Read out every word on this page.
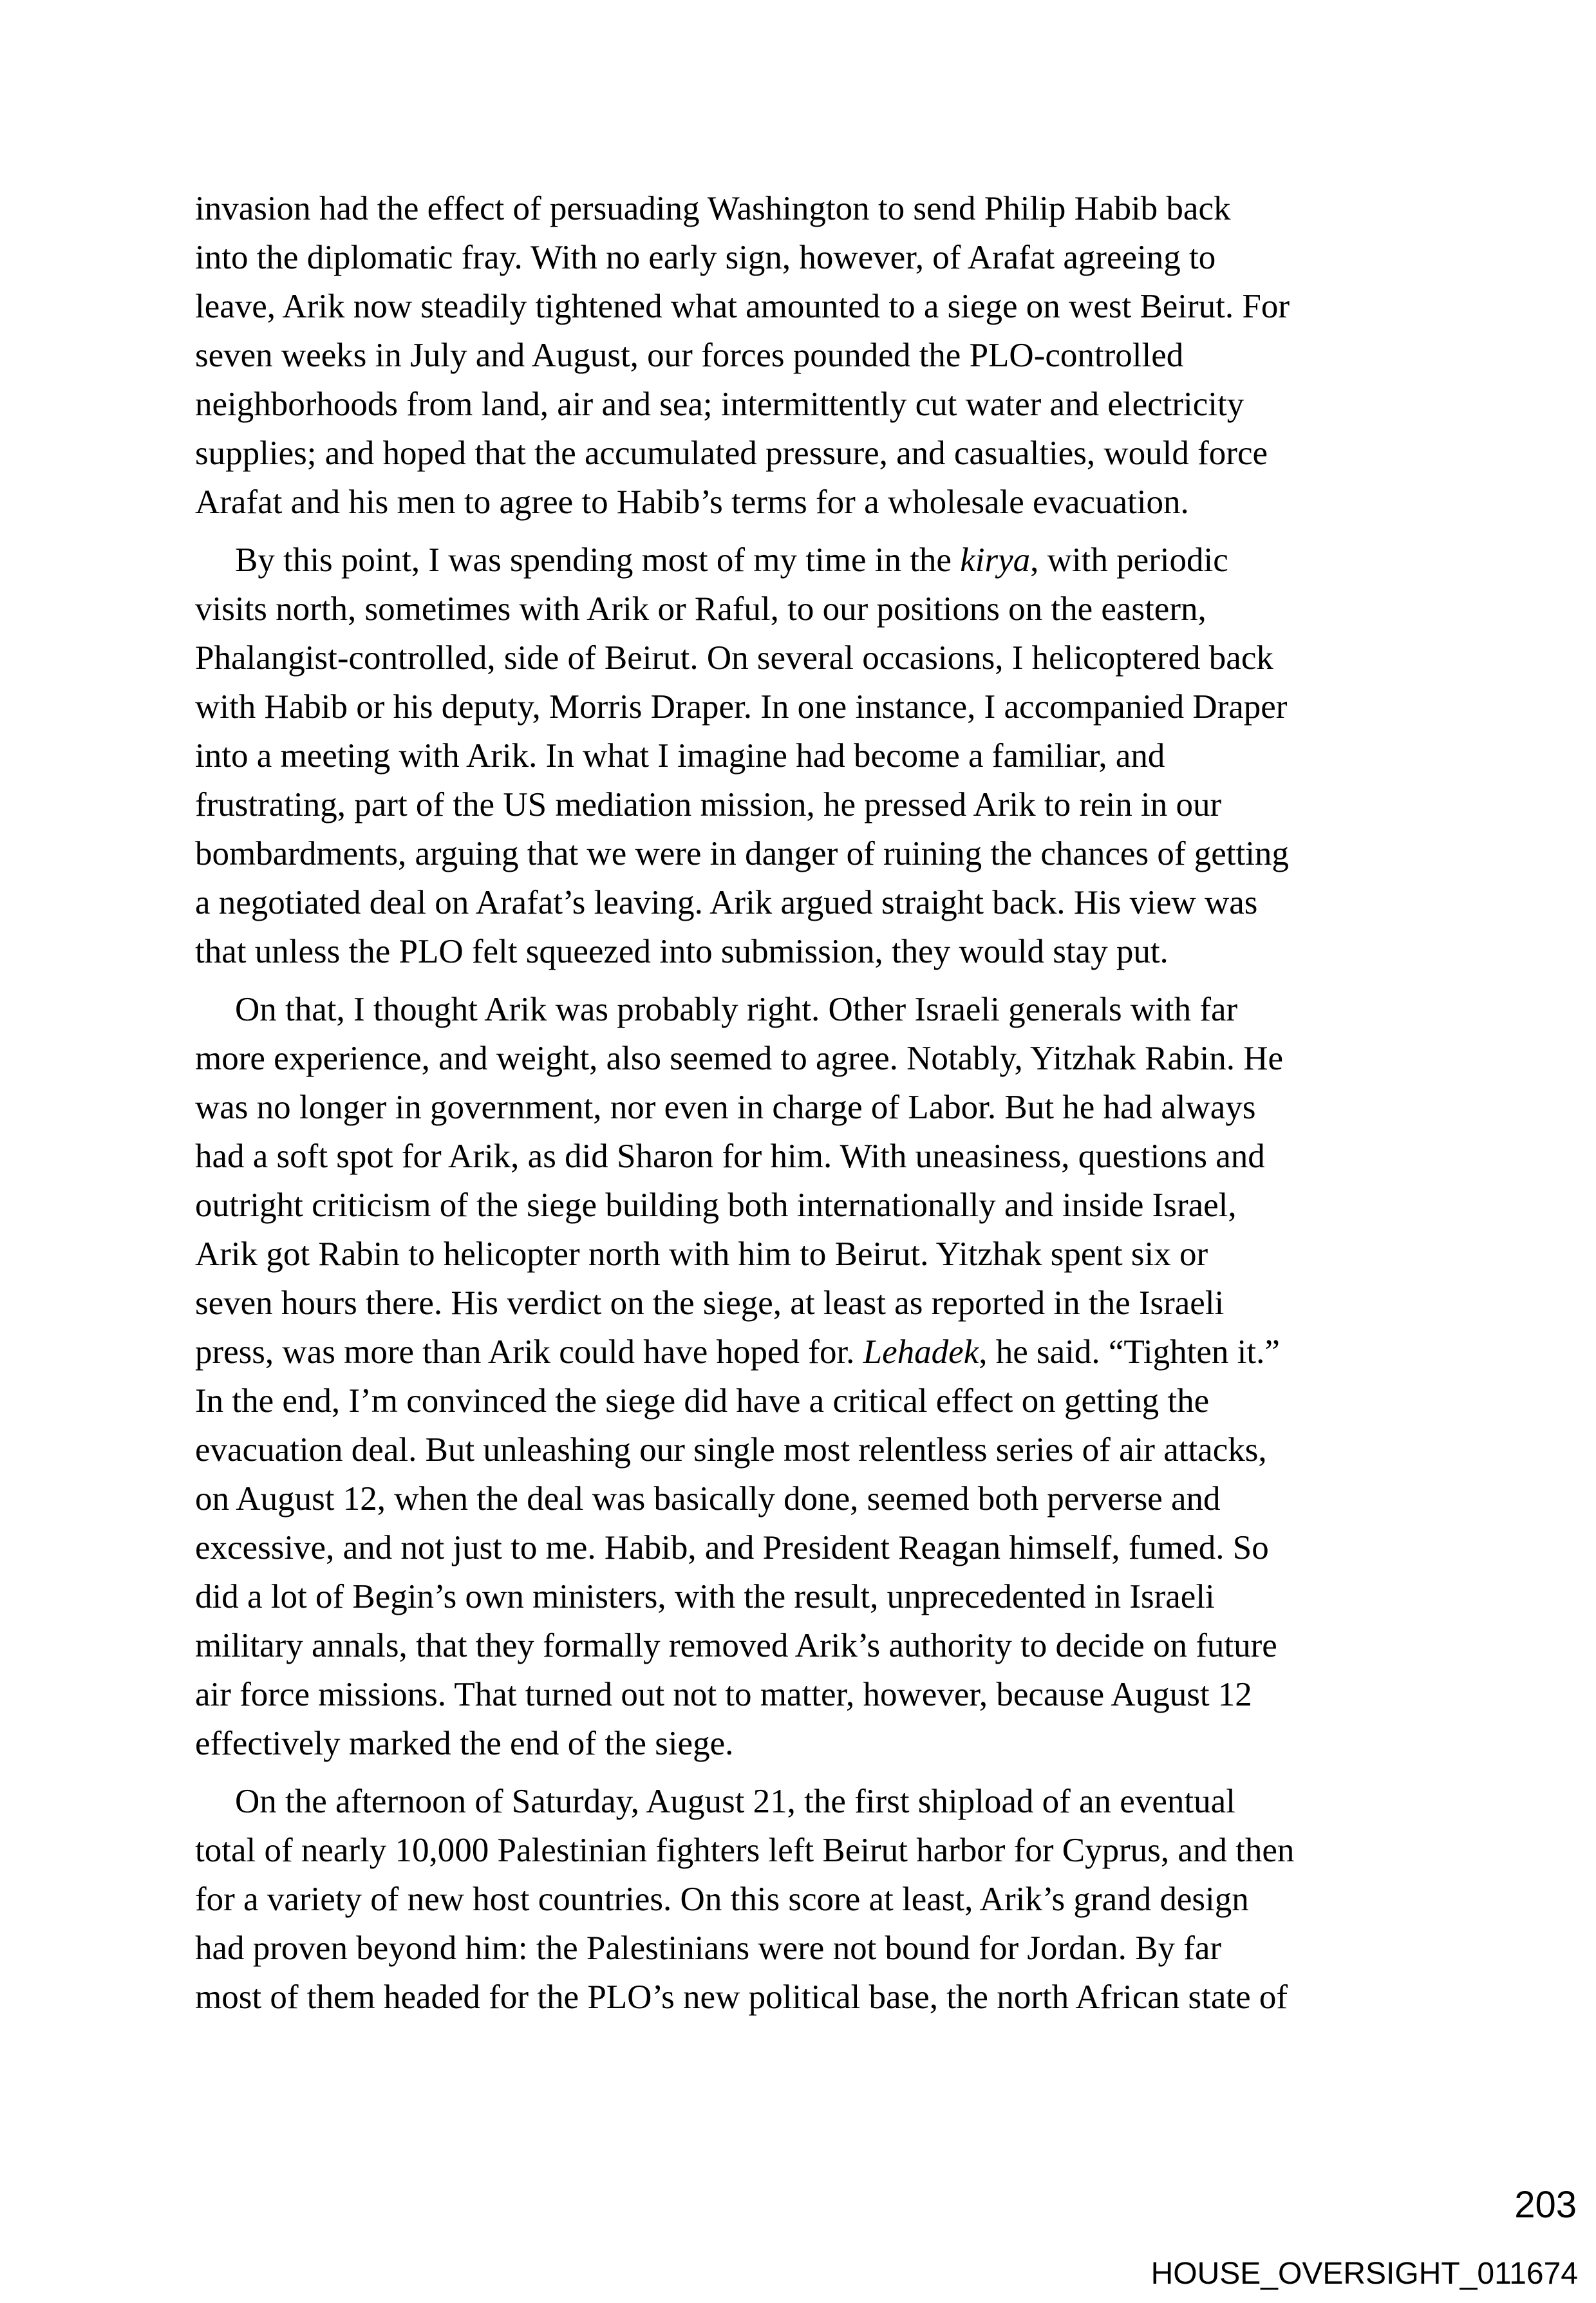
invasion had the effect of persuading Washington to send Philip Habib back
into the diplomatic fray. With no early sign, however, of Arafat agreeing to
leave, Arik now steadily tightened what amounted to a siege on west Beirut. For
seven weeks in July and August, our forces pounded the PLO-controlled
neighborhoods from land, air and sea; intermittently cut water and electricity
supplies; and hoped that the accumulated pressure, and casualties, would force
Arafat and his men to agree to Habib’s terms for a wholesale evacuation.

By this point, I was spending most of my time in the kirya, with periodic
visits north, sometimes with Arik or Raful, to our positions on the eastern,
Phalangist-controlled, side of Beirut. On several occasions, I helicoptered back
with Habib or his deputy, Morris Draper. In one instance, I accompanied Draper
into a meeting with Arik. In what I imagine had become a familiar, and
frustrating, part of the US mediation mission, he pressed Arik to rein in our
bombardments, arguing that we were in danger of ruining the chances of getting
a negotiated deal on Arafat’s leaving. Arik argued straight back. His view was
that unless the PLO felt squeezed into submission, they would stay put.

On that, I thought Arik was probably right. Other Israeli generals with far
more experience, and weight, also seemed to agree. Notably, Yitzhak Rabin. He
was no longer in government, nor even in charge of Labor. But he had always
had a soft spot for Arik, as did Sharon for him. With uneasiness, questions and
outright criticism of the siege building both internationally and inside Israel,
Arik got Rabin to helicopter north with him to Beirut. Yitzhak spent six or
seven hours there. His verdict on the siege, at least as reported in the Israeli
press, was more than Arik could have hoped for. Lehadek, he said. “Tighten it.”
In the end, I’m convinced the siege did have a critical effect on getting the
evacuation deal. But unleashing our single most relentless series of air attacks,
on August 12, when the deal was basically done, seemed both perverse and
excessive, and not just to me. Habib, and President Reagan himself, fumed. So
did a lot of Begin’s own ministers, with the result, unprecedented in Israeli
military annals, that they formally removed Arik’s authority to decide on future
air force missions. That turned out not to matter, however, because August 12
effectively marked the end of the siege.

On the afternoon of Saturday, August 21, the first shipload of an eventual
total of nearly 10,000 Palestinian fighters left Beirut harbor for Cyprus, and then
for a variety of new host countries. On this score at least, Arik’s grand design
had proven beyond him: the Palestinians were not bound for Jordan. By far
most of them headed for the PLO’s new political base, the north African state of

203
HOUSE_OVERSIGHT_011674
